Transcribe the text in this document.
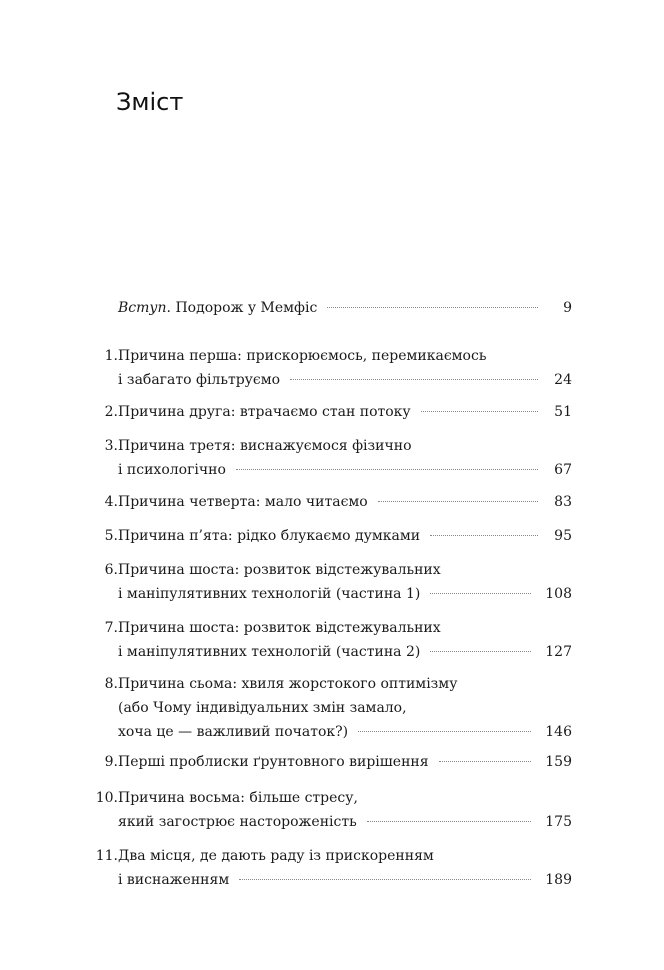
Зміст
Вступ. Подорож у Мемфіс	9
1. Причина перша: прискорюємось, перемикаємось
і забагато фільтруємо	24
2. Причина друга: втрачаємо стан потоку	51
3. Причина третя: виснажуємося фізично
і психологічно	67
4. Причина четверта: мало читаємо	83
5. Причина п’ята: рідко блукаємо думками	95
6. Причина шоста: розвиток відстежувальних
і маніпулятивних технологій (частина 1)	108
7. Причина шоста: розвиток відстежувальних
і маніпулятивних технологій (частина 2)	127
8. Причина сьома: хвиля жорстокого оптимізму
(або Чому індивідуальних змін замало,
хоча це — важливий початок?)	146
9. Перші проблиски ґрунтовного вирішення	159
10. Причина восьма: більше стресу,
який загострює настороженість	175
11. Два місця, де дають раду із прискоренням
і виснаженням	189
